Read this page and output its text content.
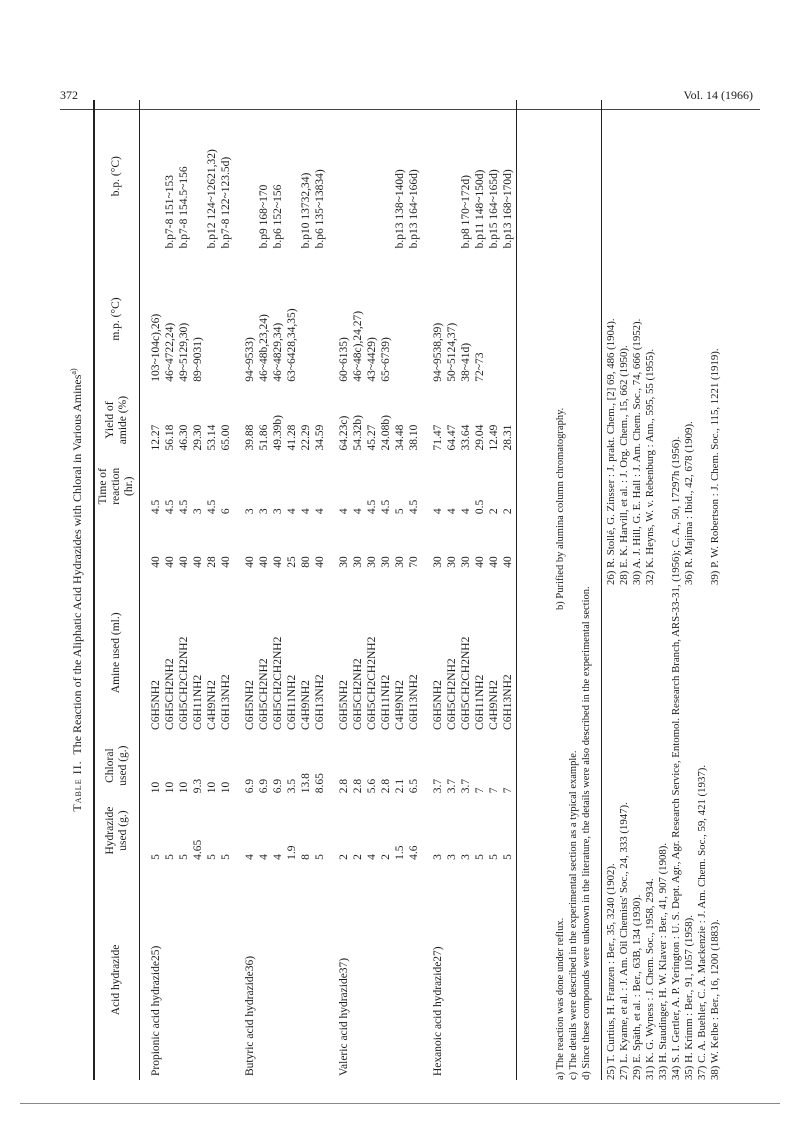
372	Vol. 14 (1966)
Table II.  The Reaction of the Aliphatic Acid Hydrazides with Chloral in Various Amines$^{a)}$
Acid hydrazide	Hydrazide used (g.)	Chloral used (g.)	Amine used (ml.)		Time of reaction (hr.)	Yield of amide (%)	m.p. (°C)	b.p. (°C)
Propionic acid hydrazide25)	5	10	C6H5NH2	40	4.5	12.27	103~104c),26)	
	5	10	C6H5CH2NH2	40	4.5	56.18	46~4722,24)	b.p7-8 151~153
	5	10	C6H5CH2CH2NH2	40	4.5	46.30	49~5129,30)	b.p7-8 154.5~156
	4.65	9.3	C6H11NH2	40	3	29.30	89~9031)	
	5	10	C4H9NH2	28	4.5	53.14		b.p12 124~12621,32)
	5	10	C6H13NH2	40	6	65.00		b.p7-8 122~123.5d)
Butyric acid hydrazide36)	4	6.9	C6H5NH2	40	3	39.88	94~9533)	
	4	6.9	C6H5CH2NH2	40	3	51.86	46~48b,23,24)	b.p9 168~170
	4	6.9	C6H5CH2CH2NH2	40	3	49.39b)	46~4829,34)	b.p6 152~156
	1.9	3.5	C6H11NH2	25	4	41.28	63~6428,34,35)	
	8	13.8	C4H9NH2	80	4	22.29		b.p10 13732,34)
	5	8.65	C6H13NH2	40	4	34.59		b.p6 135~13834)
Valeric acid hydrazide37)	2	2.8	C6H5NH2	30	4	64.23c)	60~6135)	
	2	2.8	C6H5CH2NH2	30	4	54.32b)	46~48c),24,27)	
	4	5.6	C6H5CH2CH2NH2	30	4.5	45.27	43~4429)	
	2	2.8	C6H11NH2	30	4.5	24.08b)	65~6739)	
	1.5	2.1	C4H9NH2	30	5	34.48		b.p13 138~140d)
	4.6	6.5	C6H13NH2	70	4.5	38.10		b.p13 164~166d)
Hexanoic acid hydrazide27)	3	3.7	C6H5NH2	30	4	71.47	94~9538,39)	
	3	3.7	C6H5CH2NH2	30	4	64.47	50~5124,37)	
	3	3.7	C6H5CH2CH2NH2	30	4	33.64	38~41d)	b.p8 170~172d)
	5	7	C6H11NH2	40	0.5	29.04	72~73	b.p11 148~150d)
	5	7	C4H9NH2	40	2	12.49		b.p15 164~165d)
	5	7	C6H13NH2	40	2	28.31		b.p13 168~170d)
a) The reaction was done under reflux.
b) Purified by alumina column chromatography.
c) The details were described in the experimental section as a typical example. d) Since these compounds were unknown in the literature, the details were also described in the experimental section. 25) T. Curtius, H. Franzen : Ber., 35, 3240 (1902).
26) R. Stollé, G. Zinsser : J. prakt. Chem., [2] 69, 486 (1904).
27) L. Kyame, et al. : J. Am. Oil Chemists' Soc., 24, 333 (1947).
28) E. K. Harvill, et al. : J. Org. Chem., 15, 662 (1950).
29) E. Späth, et al. : Ber., 63B, 134 (1930).
30) A. J. Hill, G. E. Hall : J. Am. Chem. Soc., 74, 666 (1952).
31) K. G. Wyness : J. Chem. Soc., 1958, 2934.
32) K. Heyns, W. v. Rebenburg : Ann., 595, 55 (1955).
33) H. Staudinger, H. W. Klaver : Ber., 41, 907 (1908). 34) S. I. Gertler, A. P. Yerington : U. S. Dept. Agr., Agr. Research Service, Entomol. Research Branch, ARS-33-31, (1956); C. A., 50, 17297h (1956). 35) H. Krimm : Ber., 91, 1057 (1958).
36) R. Majima : Ibid., 42, 678 (1909).
37) C. A. Buehler, C. A. Mackenzie : J. Am. Chem. Soc., 59, 421 (1937). 38) W. Kelbe : Ber., 16, 1200 (1883).
39) P. W. Robertson : J. Chem. Soc., 115, 1221 (1919).
